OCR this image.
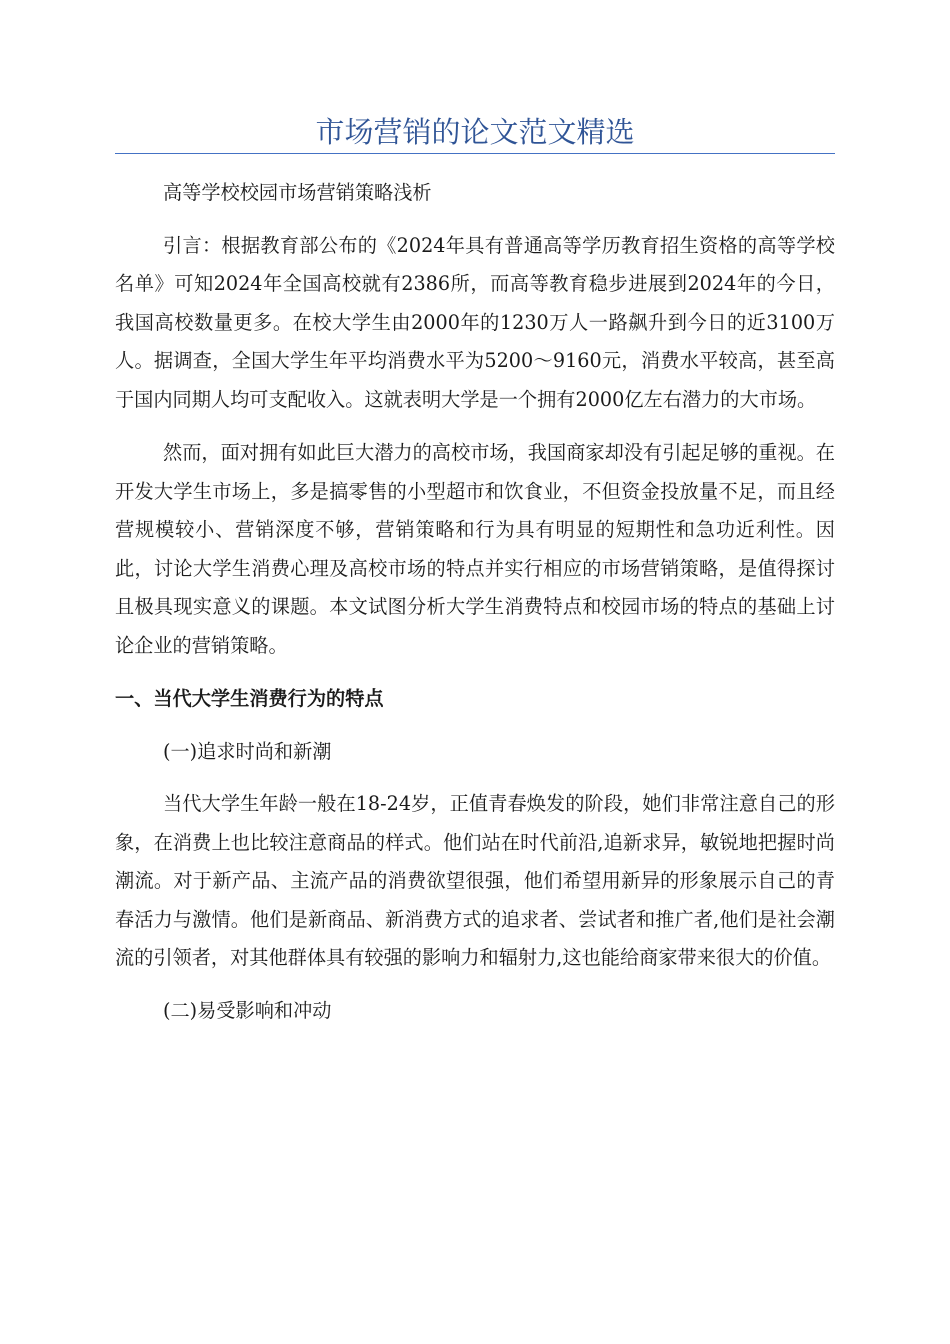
市场营销的论文范文精选

高等学校校园市场营销策略浅析

引言：根据教育部公布的《2024年具有普通高等学历教育招生资格的高等学校名单》可知2024年全国高校就有2386所，而高等教育稳步进展到2024年的今日，我国高校数量更多。在校大学生由2000年的1230万人一路飙升到今日的近3100万人。据调查，全国大学生年平均消费水平为5200～9160元，消费水平较高，甚至高于国内同期人均可支配收入。这就表明大学是一个拥有2000亿左右潜力的大市场。

然而，面对拥有如此巨大潜力的高校市场，我国商家却没有引起足够的重视。在开发大学生市场上，多是搞零售的小型超市和饮食业，不但资金投放量不足，而且经营规模较小、营销深度不够，营销策略和行为具有明显的短期性和急功近利性。因此，讨论大学生消费心理及高校市场的特点并实行相应的市场营销策略，是值得探讨且极具现实意义的课题。本文试图分析大学生消费特点和校园市场的特点的基础上讨论企业的营销策略。

一、当代大学生消费行为的特点

(一)追求时尚和新潮

当代大学生年龄一般在18-24岁，正值青春焕发的阶段，她们非常注意自己的形象，在消费上也比较注意商品的样式。他们站在时代前沿,追新求异，敏锐地把握时尚潮流。对于新产品、主流产品的消费欲望很强，他们希望用新异的形象展示自己的青春活力与激情。他们是新商品、新消费方式的追求者、尝试者和推广者,他们是社会潮流的引领者，对其他群体具有较强的影响力和辐射力,这也能给商家带来很大的价值。

(二)易受影响和冲动
